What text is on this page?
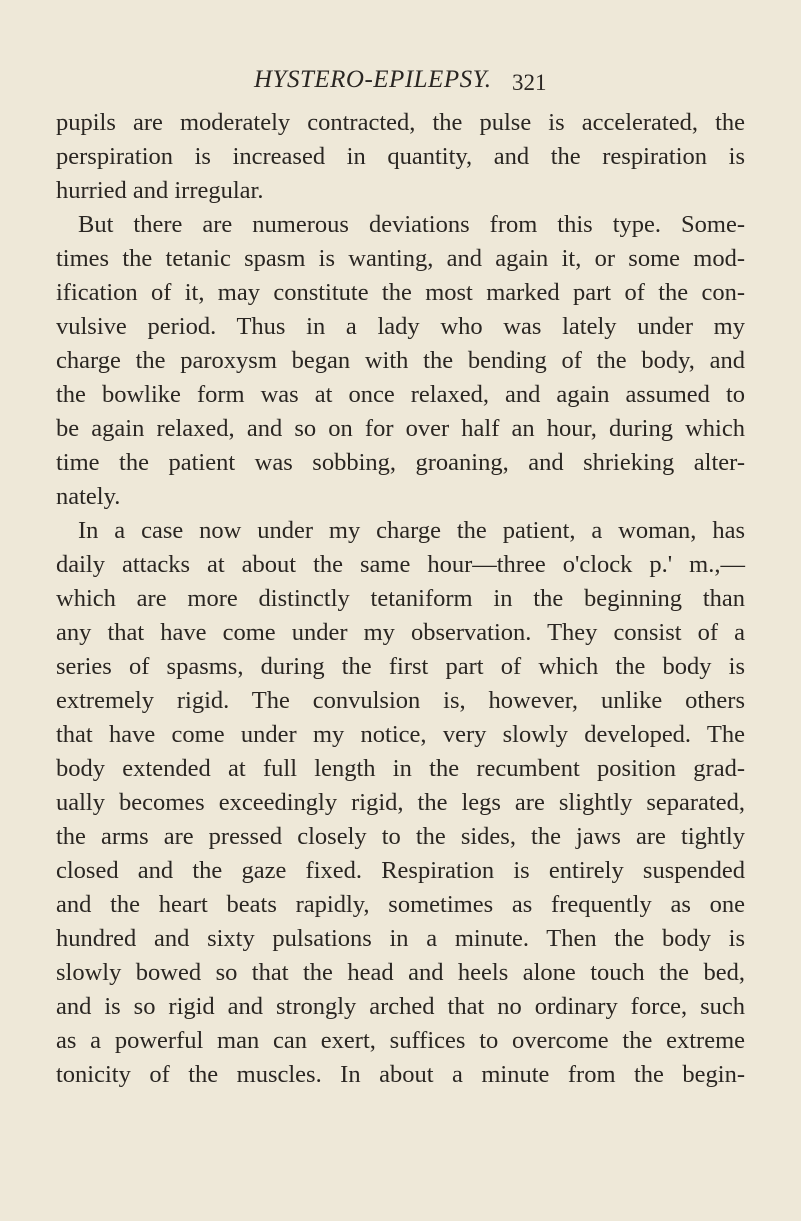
HYSTERO-EPILEPSY. 321
pupils are moderately contracted, the pulse is accelerated, the
perspiration is increased in quantity, and the respiration is
hurried and irregular.
But there are numerous deviations from this type. Some-
times the tetanic spasm is wanting, and again it, or some mod-
ification of it, may constitute the most marked part of the con-
vulsive period. Thus in a lady who was lately under my
charge the paroxysm began with the bending of the body, and
the bowlike form was at once relaxed, and again assumed to
be again relaxed, and so on for over half an hour, during which
time the patient was sobbing, groaning, and shrieking alter-
nately.
In a case now under my charge the patient, a woman, has
daily attacks at about the same hour—three o'clock p.' m.,—
which are more distinctly tetaniform in the beginning than
any that have come under my observation. They consist of a
series of spasms, during the first part of which the body is
extremely rigid. The convulsion is, however, unlike others
that have come under my notice, very slowly developed. The
body extended at full length in the recumbent position grad-
ually becomes exceedingly rigid, the legs are slightly separated,
the arms are pressed closely to the sides, the jaws are tightly
closed and the gaze fixed. Respiration is entirely suspended
and the heart beats rapidly, sometimes as frequently as one
hundred and sixty pulsations in a minute. Then the body is
slowly bowed so that the head and heels alone touch the bed,
and is so rigid and strongly arched that no ordinary force, such
as a powerful man can exert, suffices to overcome the extreme
tonicity of the muscles. In about a minute from the begin-
